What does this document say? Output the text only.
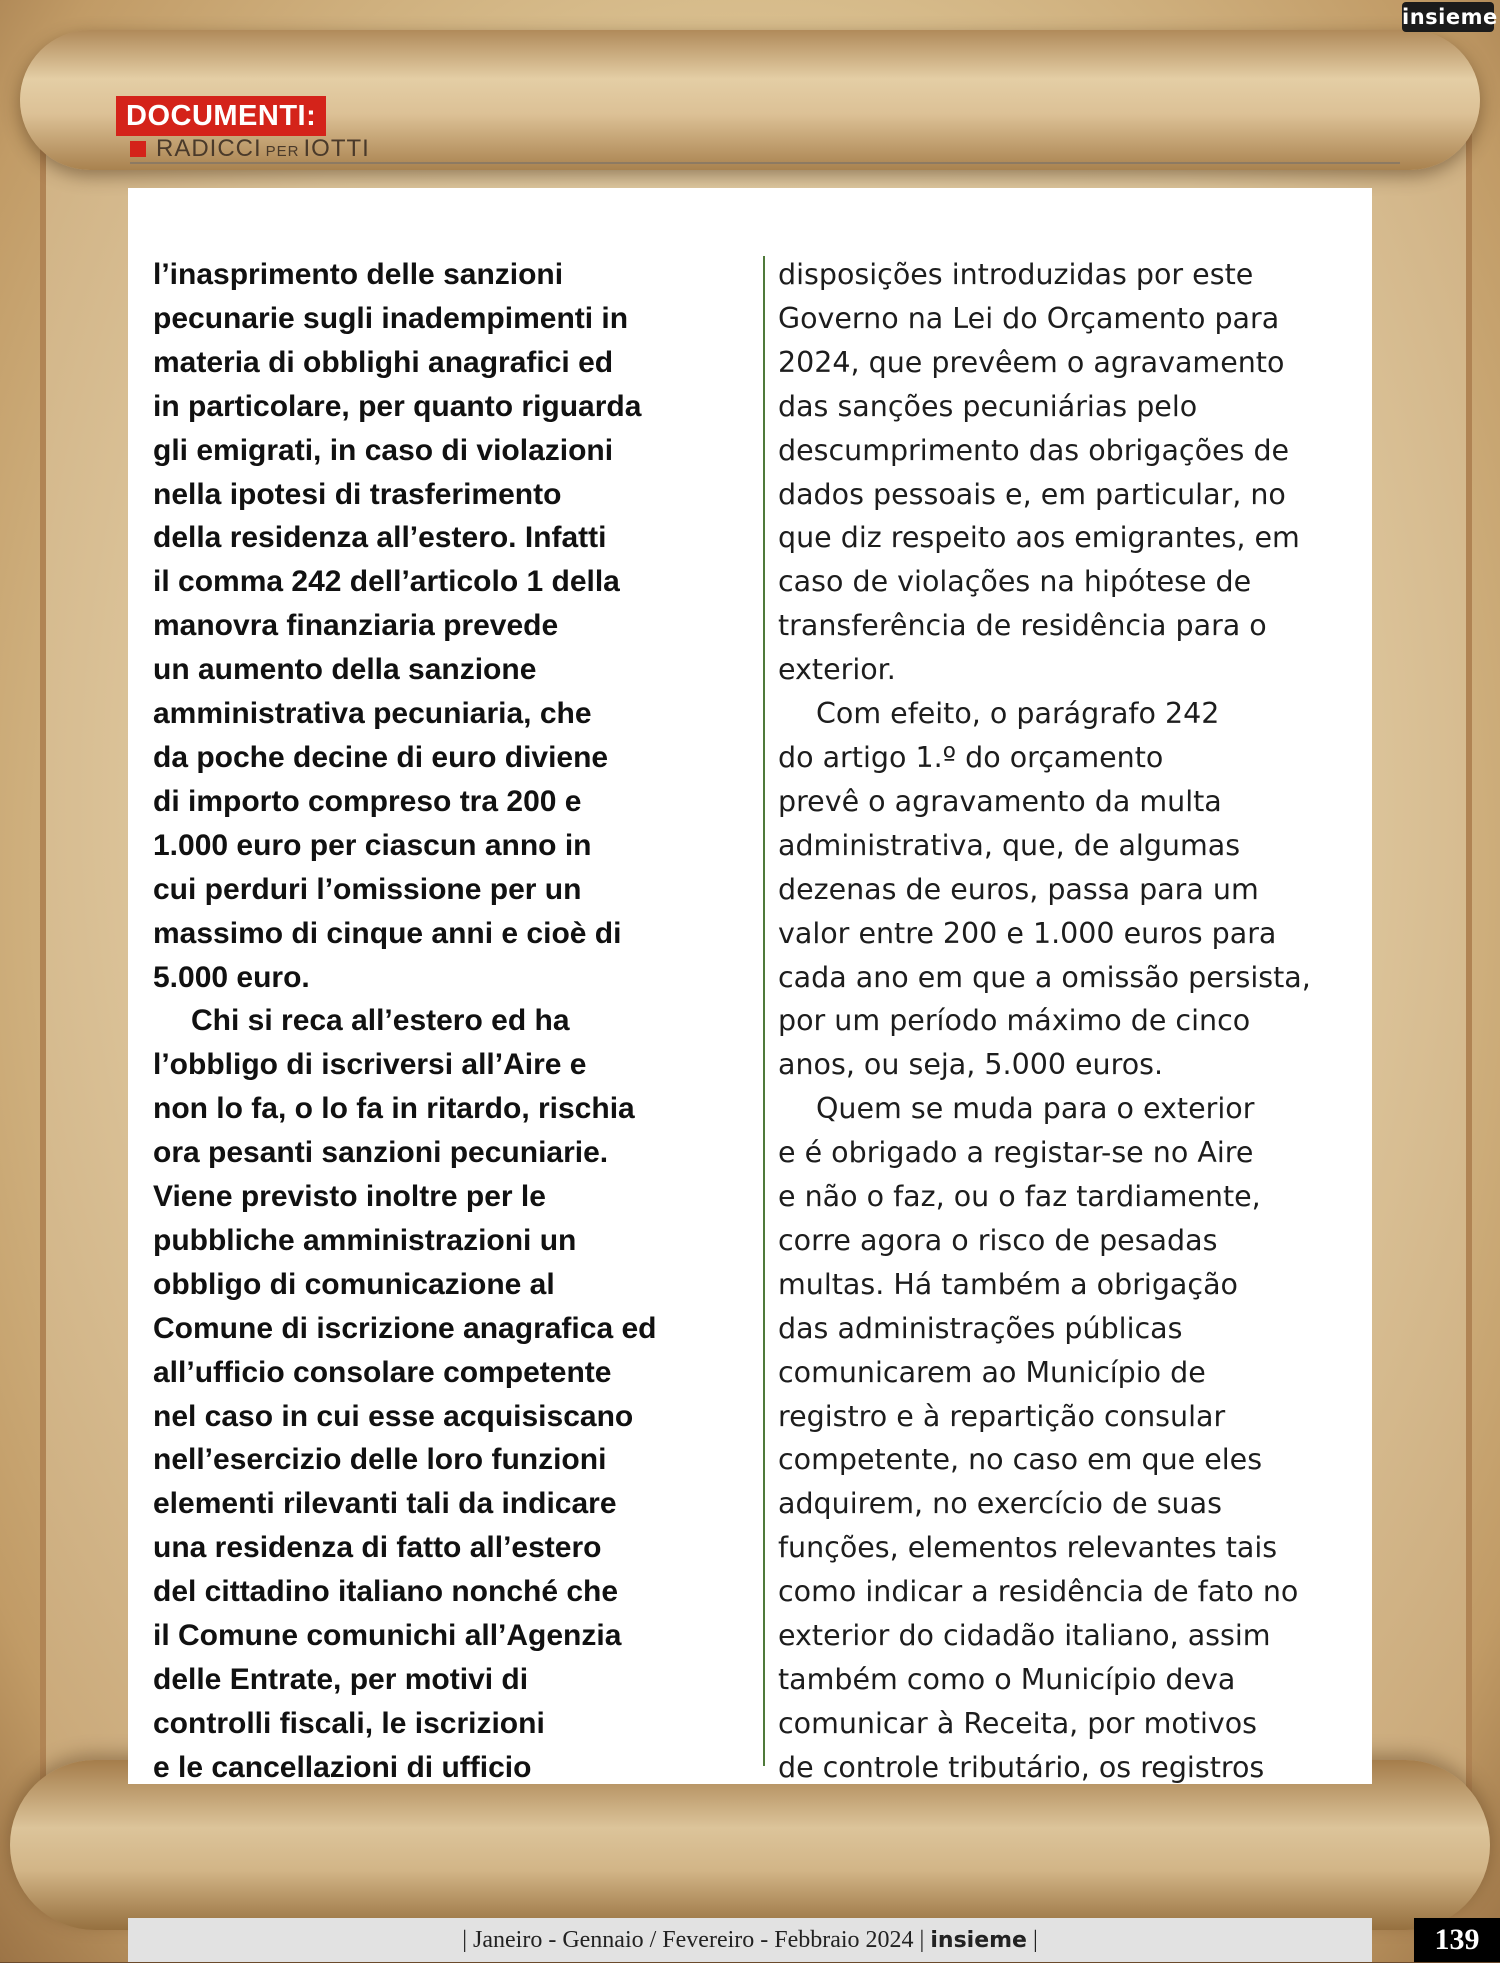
insieme
DOCUMENTI:
RADICCI PER IOTTI

l’inasprimento delle sanzioni

pecunarie sugli inadempimenti in

materia di obblighi anagrafici ed

in particolare, per quanto riguarda

gli emigrati, in caso di violazioni

nella ipotesi di trasferimento

della residenza all’estero. Infatti

il comma 242 dell’articolo 1 della

manovra finanziaria prevede

un aumento della sanzione

amministrativa pecuniaria, che

da poche decine di euro diviene

di importo compreso tra 200 e

1.000 euro per ciascun anno in

cui perduri l’omissione per un

massimo di cinque anni e cioè di

5.000 euro.

Chi si reca all’estero ed ha

l’obbligo di iscriversi all’Aire e

non lo fa, o lo fa in ritardo, rischia

ora pesanti sanzioni pecuniarie.

Viene previsto inoltre per le

pubbliche amministrazioni un

obbligo di comunicazione al

Comune di iscrizione anagrafica ed

all’ufficio consolare competente

nel caso in cui esse acquisiscano

nell’esercizio delle loro funzioni

elementi rilevanti tali da indicare

una residenza di fatto all’estero

del cittadino italiano nonché che

il Comune comunichi all’Agenzia

delle Entrate, per motivi di

controlli fiscali, le iscrizioni

e le cancellazioni di ufficio

disposições introduzidas por este

Governo na Lei do Orçamento para

2024, que prevêem o agravamento

das sanções pecuniárias pelo

descumprimento das obrigações de

dados pessoais e, em particular, no

que diz respeito aos emigrantes, em

caso de violações na hipótese de

transferência de residência para o

exterior.

Com efeito, o parágrafo 242

do artigo 1.º do orçamento

prevê o agravamento da multa

administrativa, que, de algumas

dezenas de euros, passa para um

valor entre 200 e 1.000 euros para

cada ano em que a omissão persista,

por um período máximo de cinco

anos, ou seja, 5.000 euros.

Quem se muda para o exterior

e é obrigado a registar-se no Aire

e não o faz, ou o faz tardiamente,

corre agora o risco de pesadas

multas. Há também a obrigação

das administrações públicas

comunicarem ao Município de

registro e à repartição consular

competente, no caso em que eles

adquirem, no exercício de suas

funções, elementos relevantes tais

como indicar a residência de fato no

exterior do cidadão italiano, assim

também como o Município deva

comunicar à Receita, por motivos

de controle tributário, os registros

| Janeiro - Gennaio / Fevereiro - Febbraio 2024 | insieme |	139
